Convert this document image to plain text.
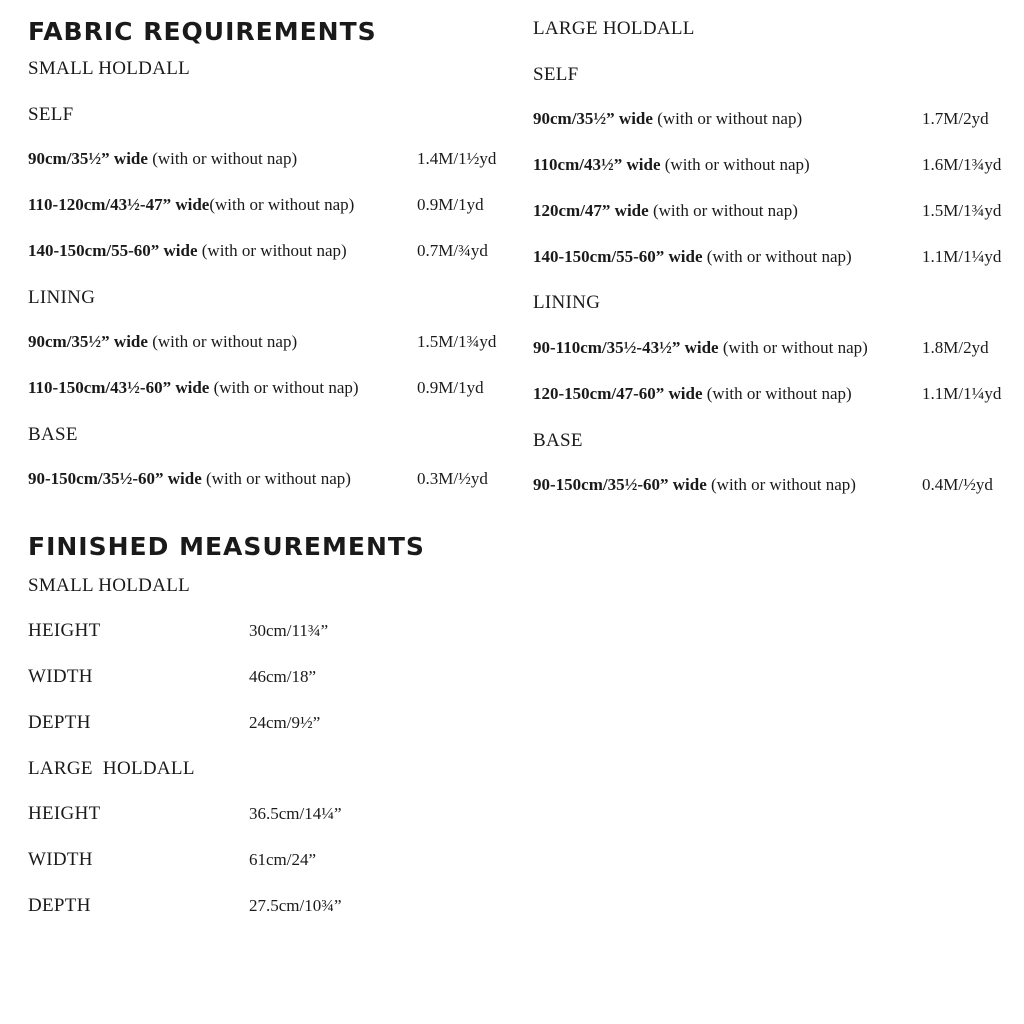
FABRIC REQUIREMENTS
SMALL HOLDALL
SELF
90cm/35½” wide (with or without nap)	1.4M/1½yd
110-120cm/43½-47” wide(with or without nap)	0.9M/1yd
140-150cm/55-60” wide (with or without nap)	0.7M/¾yd
LINING
90cm/35½” wide (with or without nap)	1.5M/1¾yd
110-150cm/43½-60” wide (with or without nap)	0.9M/1yd
BASE
90-150cm/35½-60” wide (with or without nap)	0.3M/½yd
LARGE HOLDALL
SELF
90cm/35½” wide (with or without nap)	1.7M/2yd
110cm/43½” wide (with or without nap)	1.6M/1¾yd
120cm/47” wide (with or without nap)	1.5M/1¾yd
140-150cm/55-60” wide (with or without nap)	1.1M/1¼yd
LINING
90-110cm/35½-43½” wide (with or without nap)	1.8M/2yd
120-150cm/47-60” wide (with or without nap)	1.1M/1¼yd
BASE
90-150cm/35½-60” wide (with or without nap)	0.4M/½yd
FINISHED MEASUREMENTS
SMALL HOLDALL
HEIGHT	30cm/11¾”
WIDTH	46cm/18”
DEPTH	24cm/9½”
LARGE  HOLDALL
HEIGHT	36.5cm/14¼”
WIDTH	61cm/24”
DEPTH	27.5cm/10¾”
